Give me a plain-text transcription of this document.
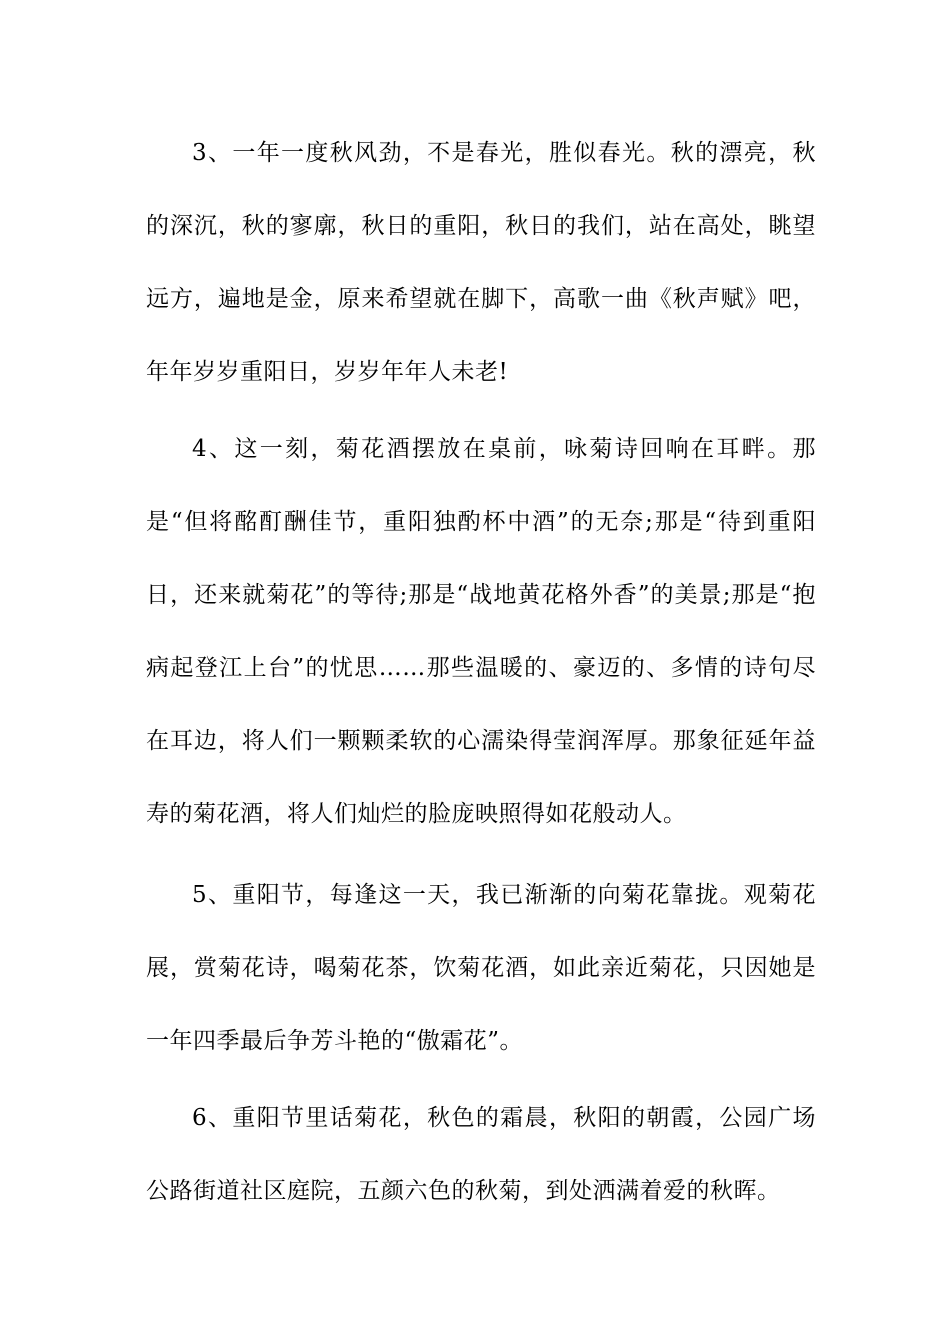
3、一年一度秋风劲，不是春光，胜似春光。秋的漂亮，秋的深沉，秋的寥廓，秋日的重阳，秋日的我们，站在高处，眺望远方，遍地是金，原来希望就在脚下，高歌一曲《秋声赋》吧，年年岁岁重阳日，岁岁年年人未老!

4、这一刻，菊花酒摆放在桌前，咏菊诗回响在耳畔。那是“但将酩酊酬佳节，重阳独酌杯中酒”的无奈;那是“待到重阳日，还来就菊花”的等待;那是“战地黄花格外香”的美景;那是“抱病起登江上台”的忧思……那些温暖的、豪迈的、多情的诗句尽在耳边，将人们一颗颗柔软的心濡染得莹润浑厚。那象征延年益寿的菊花酒，将人们灿烂的脸庞映照得如花般动人。

5、重阳节，每逢这一天，我已渐渐的向菊花靠拢。观菊花展，赏菊花诗，喝菊花茶，饮菊花酒，如此亲近菊花，只因她是一年四季最后争芳斗艳的“傲霜花”。

6、重阳节里话菊花，秋色的霜晨，秋阳的朝霞，公园广场公路街道社区庭院，五颜六色的秋菊，到处洒满着爱的秋晖。
